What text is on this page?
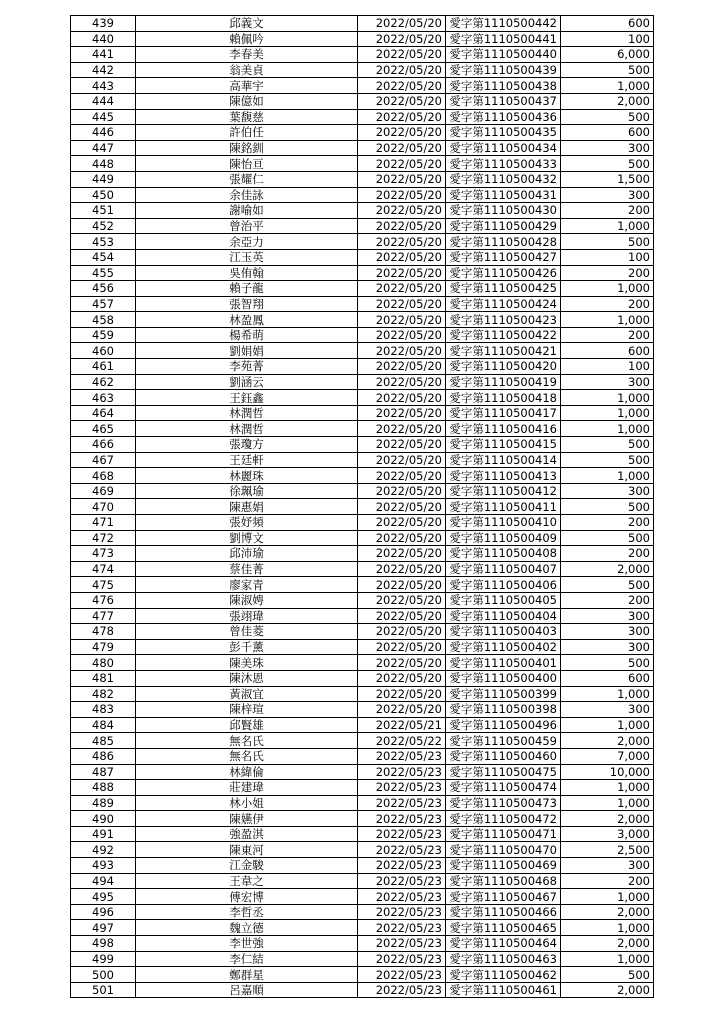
439	邱義文	2022/05/20	愛字第1110500442	600
440	賴佩吟	2022/05/20	愛字第1110500441	100
441	李春美	2022/05/20	愛字第1110500440	6,000
442	翁美貞	2022/05/20	愛字第1110500439	500
443	高華宇	2022/05/20	愛字第1110500438	1,000
444	陳億如	2022/05/20	愛字第1110500437	2,000
445	葉馥慈	2022/05/20	愛字第1110500436	500
446	許伯任	2022/05/20	愛字第1110500435	600
447	陳銘釧	2022/05/20	愛字第1110500434	300
448	陳怡亘	2022/05/20	愛字第1110500433	500
449	張耀仁	2022/05/20	愛字第1110500432	1,500
450	余佳詠	2022/05/20	愛字第1110500431	300
451	謝喻如	2022/05/20	愛字第1110500430	200
452	曾治平	2022/05/20	愛字第1110500429	1,000
453	余亞力	2022/05/20	愛字第1110500428	500
454	江玉英	2022/05/20	愛字第1110500427	100
455	吳侑翰	2022/05/20	愛字第1110500426	200
456	賴子龍	2022/05/20	愛字第1110500425	1,000
457	張智翔	2022/05/20	愛字第1110500424	200
458	林盈鳳	2022/05/20	愛字第1110500423	1,000
459	楊希萌	2022/05/20	愛字第1110500422	200
460	劉娟娟	2022/05/20	愛字第1110500421	600
461	李苑菁	2022/05/20	愛字第1110500420	100
462	劉涵云	2022/05/20	愛字第1110500419	300
463	王鈺鑫	2022/05/20	愛字第1110500418	1,000
464	林潤哲	2022/05/20	愛字第1110500417	1,000
465	林潤哲	2022/05/20	愛字第1110500416	1,000
466	張瓊方	2022/05/20	愛字第1110500415	500
467	王廷軒	2022/05/20	愛字第1110500414	500
468	林麗珠	2022/05/20	愛字第1110500413	1,000
469	徐珮瑜	2022/05/20	愛字第1110500412	300
470	陳惠娟	2022/05/20	愛字第1110500411	500
471	張妤頻	2022/05/20	愛字第1110500410	200
472	劉博文	2022/05/20	愛字第1110500409	500
473	邱沛瑜	2022/05/20	愛字第1110500408	200
474	蔡佳菁	2022/05/20	愛字第1110500407	2,000
475	廖家青	2022/05/20	愛字第1110500406	500
476	陳淑娉	2022/05/20	愛字第1110500405	200
477	張翊瑋	2022/05/20	愛字第1110500404	300
478	曾佳菱	2022/05/20	愛字第1110500403	300
479	彭千薰	2022/05/20	愛字第1110500402	300
480	陳美珠	2022/05/20	愛字第1110500401	500
481	陳沐恩	2022/05/20	愛字第1110500400	600
482	黃淑宜	2022/05/20	愛字第1110500399	1,000
483	陳梓瑄	2022/05/20	愛字第1110500398	300
484	邱賢雄	2022/05/21	愛字第1110500496	1,000
485	無名氏	2022/05/22	愛字第1110500459	2,000
486	無名氏	2022/05/23	愛字第1110500460	7,000
487	林緯倫	2022/05/23	愛字第1110500475	10,000
488	莊建瑋	2022/05/23	愛字第1110500474	1,000
489	林小姐	2022/05/23	愛字第1110500473	1,000
490	陳嬿伊	2022/05/23	愛字第1110500472	2,000
491	強盈淇	2022/05/23	愛字第1110500471	3,000
492	陳東河	2022/05/23	愛字第1110500470	2,500
493	江金駿	2022/05/23	愛字第1110500469	300
494	王韋之	2022/05/23	愛字第1110500468	200
495	傅宏博	2022/05/23	愛字第1110500467	1,000
496	李哲丞	2022/05/23	愛字第1110500466	2,000
497	魏立德	2022/05/23	愛字第1110500465	1,000
498	李世強	2022/05/23	愛字第1110500464	2,000
499	李仁結	2022/05/23	愛字第1110500463	1,000
500	鄭群星	2022/05/23	愛字第1110500462	500
501	呂嘉順	2022/05/23	愛字第1110500461	2,000
